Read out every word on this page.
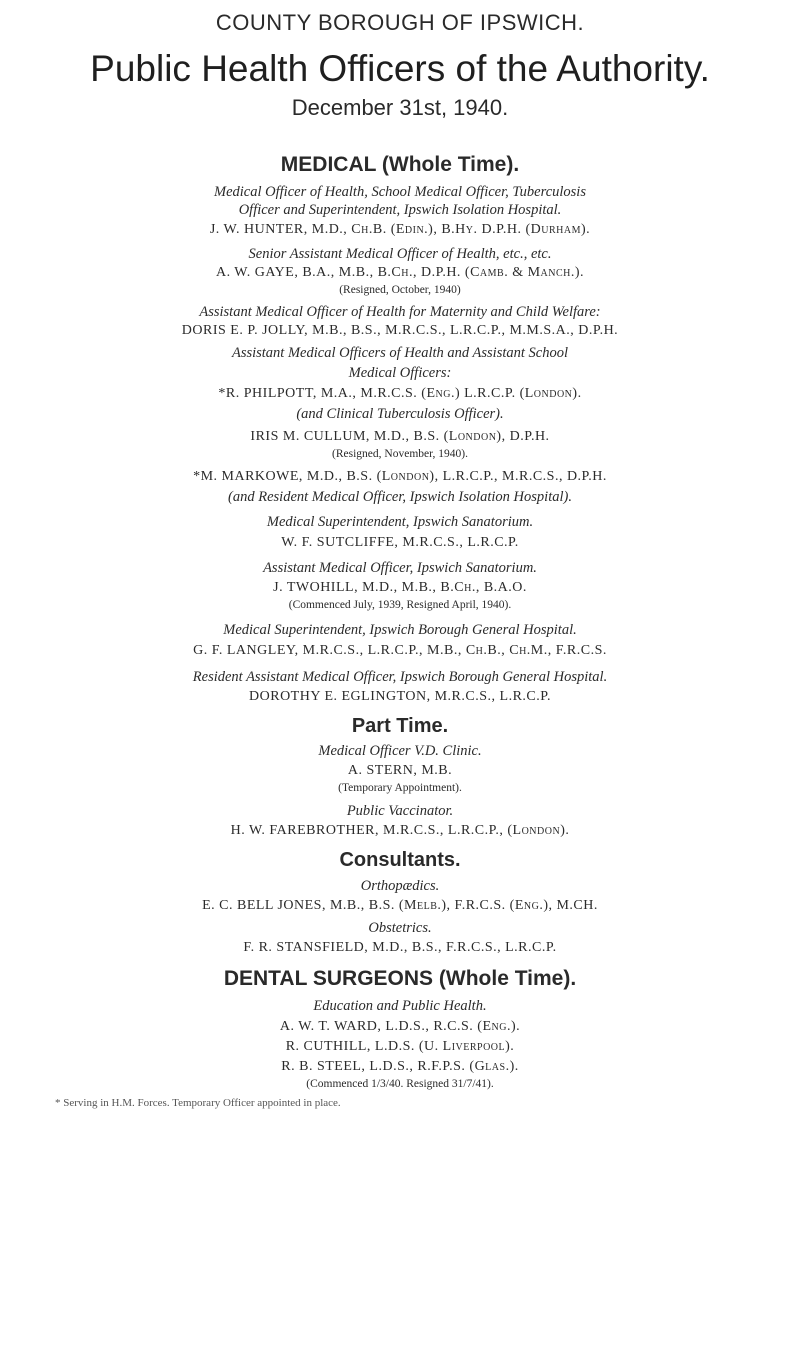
COUNTY BOROUGH OF IPSWICH.
Public Health Officers of the Authority.
December 31st, 1940.
MEDICAL (Whole Time).
Medical Officer of Health, School Medical Officer, Tuberculosis
Officer and Superintendent, Ipswich Isolation Hospital.
J. W. HUNTER, M.D., Ch.B. (Edin.), B.Hy. D.P.H. (Durham).
Senior Assistant Medical Officer of Health, etc., etc.
A. W. GAYE, B.A., M.B., B.Ch., D.P.H. (Camb. & Manch.).
(Resigned, October, 1940)
Assistant Medical Officer of Health for Maternity and Child Welfare:
DORIS E. P. JOLLY, M.B., B.S., M.R.C.S., L.R.C.P., M.M.S.A., D.P.H.
Assistant Medical Officers of Health and Assistant School
Medical Officers:
*R. PHILPOTT, M.A., M.R.C.S. (Eng.) L.R.C.P. (London).
(and Clinical Tuberculosis Officer).
IRIS M. CULLUM, M.D., B.S. (London), D.P.H.
(Resigned, November, 1940).
*M. MARKOWE, M.D., B.S. (London), L.R.C.P., M.R.C.S., D.P.H.
(and Resident Medical Officer, Ipswich Isolation Hospital).
Medical Superintendent, Ipswich Sanatorium.
W. F. SUTCLIFFE, M.R.C.S., L.R.C.P.
Assistant Medical Officer, Ipswich Sanatorium.
J. TWOHILL, M.D., M.B., B.Ch., B.A.O.
(Commenced July, 1939, Resigned April, 1940).
Medical Superintendent, Ipswich Borough General Hospital.
G. F. LANGLEY, M.R.C.S., L.R.C.P., M.B., Ch.B., Ch.M., F.R.C.S.
Resident Assistant Medical Officer, Ipswich Borough General Hospital.
DOROTHY E. EGLINGTON, M.R.C.S., L.R.C.P.
Part Time.
Medical Officer V.D. Clinic.
A. STERN, M.B.
(Temporary Appointment).
Public Vaccinator.
H. W. FAREBROTHER, M.R.C.S., L.R.C.P., (London).
Consultants.
Orthopædics.
E. C. BELL JONES, M.B., B.S. (Melb.), F.R.C.S. (Eng.), M.CH.
Obstetrics.
F. R. STANSFIELD, M.D., B.S., F.R.C.S., L.R.C.P.
DENTAL SURGEONS (Whole Time).
Education and Public Health.
A. W. T. WARD, L.D.S., R.C.S. (Eng.).
R. CUTHILL, L.D.S. (U. Liverpool).
R. B. STEEL, L.D.S., R.F.P.S. (Glas.).
(Commenced 1/3/40. Resigned 31/7/41).
* Serving in H.M. Forces. Temporary Officer appointed in place.
